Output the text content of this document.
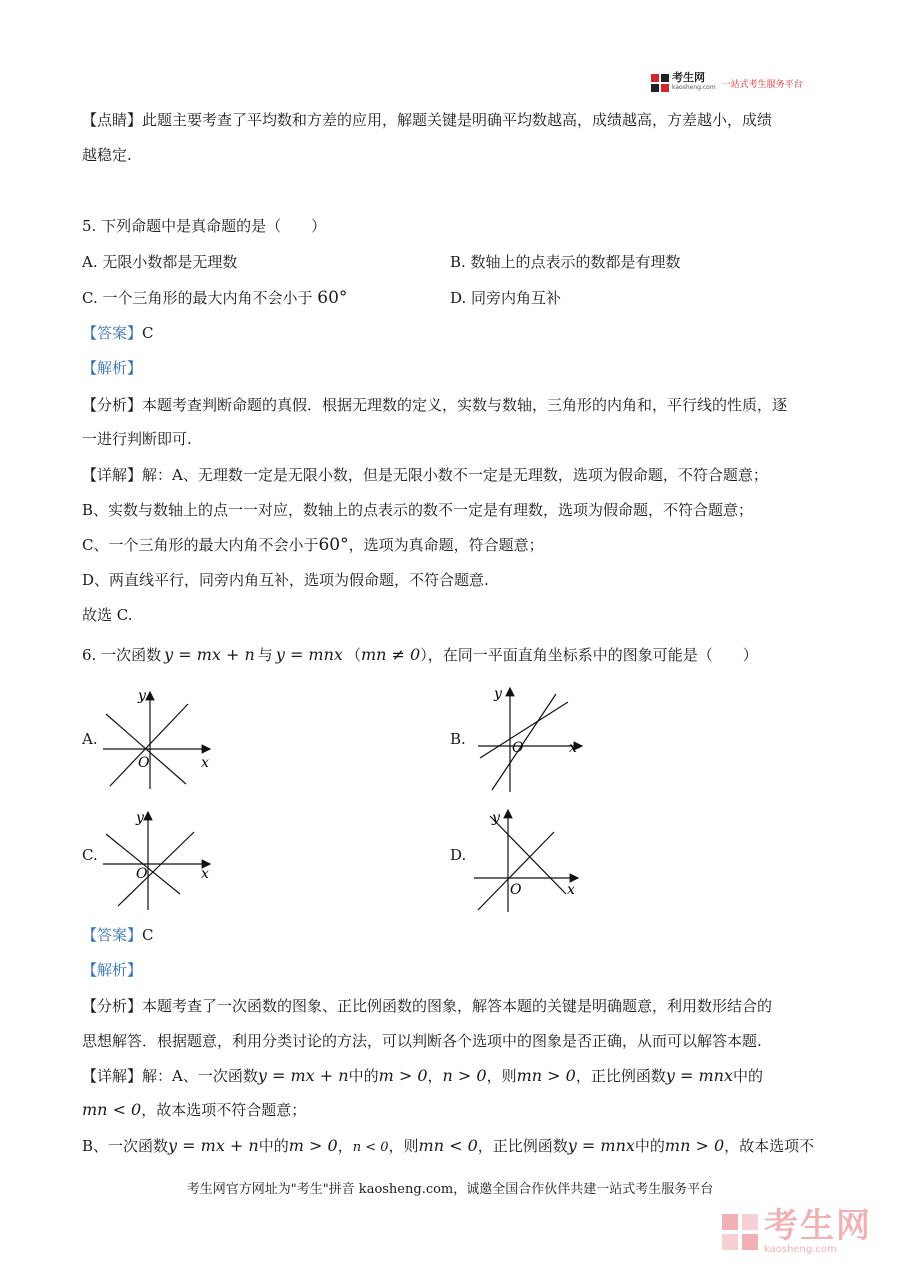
考生网
kaosheng.com 一站式考生服务平台
【点睛】此题主要考查了平均数和方差的应用，解题关键是明确平均数越高，成绩越高，方差越小，成绩
越稳定.
5. 下列命题中是真命题的是（　　）
A. 无限小数都是无理数	B. 数轴上的点表示的数都是有理数
C. 一个三角形的最大内角不会小于 60°	D. 同旁内角互补
【答案】C
【解析】
【分析】本题考查判断命题的真假．根据无理数的定义，实数与数轴，三角形的内角和，平行线的性质，逐
一进行判断即可.
【详解】解：A、无理数一定是无限小数，但是无限小数不一定是无理数，选项为假命题，不符合题意；
B、实数与数轴上的点一一对应，数轴上的点表示的数不一定是有理数，选项为假命题，不符合题意；
C、一个三角形的最大内角不会小于60°，选项为真命题，符合题意；
D、两直线平行，同旁内角互补，选项为假命题，不符合题意.
故选 C.
6. 一次函数 y = mx + n 与 y = mnx （mn ≠ 0），在同一平面直角坐标系中的图象可能是（　　）
A.	B.
C.	D.
O	x
y
O	x
y
O	x
y
O	x
y
【答案】C
【解析】
【分析】本题考查了一次函数的图象、正比例函数的图象，解答本题的关键是明确题意，利用数形结合的
思想解答．根据题意，利用分类讨论的方法，可以判断各个选项中的图象是否正确，从而可以解答本题.
【详解】解：A、一次函数y = mx + n中的m > 0，n > 0，则mn > 0，正比例函数y = mnx中的
mn < 0，故本选项不符合题意；
B、一次函数y = mx + n中的m > 0，n < 0，则mn < 0，正比例函数y = mnx中的mn > 0，故本选项不
考生网官方网址为"考生"拼音 kaosheng.com，诚邀全国合作伙伴共建一站式考生服务平台
考生网
kaosheng.com
